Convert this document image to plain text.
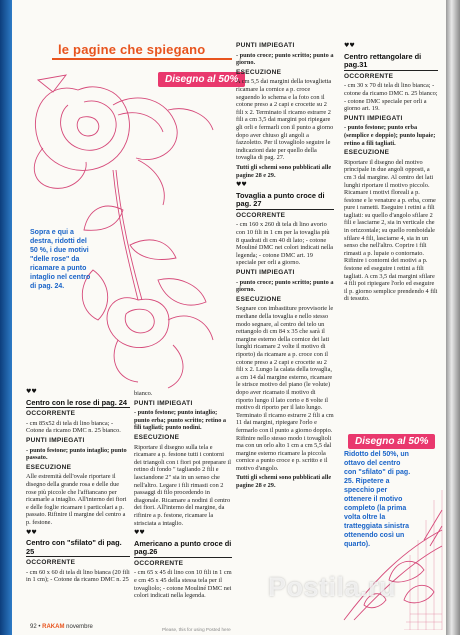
le pagine che spiegano
Disegno al 50%
Sopra e qui a destra, ridotti del 50 %, i due motivi "delle rose" da ricamare a punto intaglio nel centro di pag. 24.

PUNTI IMPIEGATI

- punto croce; punto scritto; punto a giorno.

ESECUZIONE

A cm 5,5 dai margini della tovaglietta ricamare la cornice a p. croce seguendo lo schema e la foto con il cotone preso a 2 capi e crocette su 2 fili x 2. Terminato il ricamo estrarre 2 fili a cm 3,5 dai margini poi ripiegare gli orli e fermarli con il punto a giorno dopo aver chiuso gli angoli a fazzoletto. Per il tovagliolo seguire le indicazioni date per quello della tovaglia di pag. 27.

Tutti gli schemi sono pubblicati alle pagine 28 e 29.

♥♥
Tovaglia a punto croce di pag. 27

OCCORRENTE

- cm 160 x 260 di tela di lino avorio con 10 fili in 1 cm per la tovaglia più 8 quadrati di cm 40 di lato; - cotone Mouliné DMC nei colori indicati nella legenda; - cotone DMC art. 19 speciale per orli a giorno.

PUNTI IMPIEGATI

- punto croce; punto scritto; punto a giorno.

ESECUZIONE

Segnare con imbastiture provvisorie le mediane della tovaglia e nello stesso modo segnare, al centro del telo un rettangolo di cm 84 x 35 che sarà il margine esterno della cornice dei lati lunghi ricamare 2 volte il motivo di riporto) da ricamare a p. croce con il cotone preso a 2 capi e crocette su 2 fili x 2. Lungo la calata della tovaglia, a cm 14 dal margine esterno, ricamare le strisce motivo del piano (le volute) dopo aver ricamato il motivo di riporto lungo il lato corto e 8 volte il motivo di riporto per il lato lungo. Terminato il ricamo estrarre 2 fili a cm 11 dai margini, ripiegare l'orlo e fermarlo con il punto a giorno doppio. Rifinire nello stesso modo i tovaglioli ma con un orlo alto 1 cm a cm 5,5 dal margine esterno ricamare la piccola cornice a punto croce e p. scritto e il motivo d'angolo.

Tutti gli schemi sono pubblicati alle pagine 28 e 29.

♥♥
Centro rettangolare di pag.31

OCCORRENTE

- cm 30 x 70 di tela di lino bianca; - cotone da ricamo DMC n. 25 bianco; - cotone DMC speciale per orli a giorno art. 19.

PUNTI IMPIEGATI

- punto festone; punto erba (semplice e doppio); punto lupaie; retino a fili tagliati.

ESECUZIONE

Riportare il disegno del motivo principale in due angoli opposti, a cm 3 dal margine. Al centro dei lati lunghi riportare il motivo piccolo. Ricamare i motivi floreali a p. festone e le venature a p. erba, come pure i rametti. Eseguire i retini a fili tagliati: su quello d'angolo sfilare 2 fili e lasciarne 2, sia in verticale che in orizzontale; su quello romboidale sfilare 4 fili, lasciarne 4, sia in un senso che nell'altro. Coprire i fili rimasti a p. lupaie o contornato. Rifinire i contorni dei motivi a p. festone ed eseguire i retini a fili tagliati. A cm 3,5 dai margini sfilare 4 fili poi ripiegare l'orlo ed eseguire il p. giorno semplice prendendo 4 fili di tessuto.

♥♥
Centro con le rose di pag. 24

OCCORRENTE

- cm 85x52 di tela di lino bianca; - Cotone da ricamo DMC n. 25 bianco.

PUNTI IMPIEGATI

- punto festone; punto intaglio; punto passato.

ESECUZIONE

Alle estremità dell'ovale riportare il disegno della grande rosa e delle due rose più piccole che l'affiancano per ricamarle a intaglio. All'interno dei fiori e delle foglie ricamare i particolari a p. passato. Rifinire il margine del centro a p. festone.

♥♥
Centro con "sfilato" di pag. 25

OCCORRENTE

- cm 60 x 60 di tela di lino bianca (20 fili in 1 cm); - Cotone da ricamo DMC n. 25

bianco.

PUNTI IMPIEGATI

- punto festone; punto intaglio; punto erba; punto scritto; retino a fili tagliati; punto nodini.

ESECUZIONE

Riportare il disegno sulla tela e ricamare a p. festone tutti i contorni dei triangoli con i fiori poi preparare il retino di fondo " tagliando 2 fili e lasciandone 2" sia in un senso che nell'altro. Legare i fili rimasti con 2 passaggi di filo procedendo in diagonale. Ricamare a nodini il centro dei fiori. All'interno del margine, da rifinire a p. festone, ricamare la strisciata a intaglio.

♥♥
Americano a punto croce di pag.26

OCCORRENTE

- cm 65 x 45 di lino con 10 fili in 1 cm e cm 45 x 45 della stessa tela per il tovagliolo; - cotone Mouliné DMC nei colori indicati nella legenda.

Disegno al 50%
Ridotto del 50%, un ottavo del centro con "sfilato" di pag. 25. Ripetere a specchio per ottenere il motivo completo (la prima volta oltre la tratteggiata sinistra ottenendo così un quarto).
92 • RAKAM novembre
Postila.ru
Please, this for using Posted here
